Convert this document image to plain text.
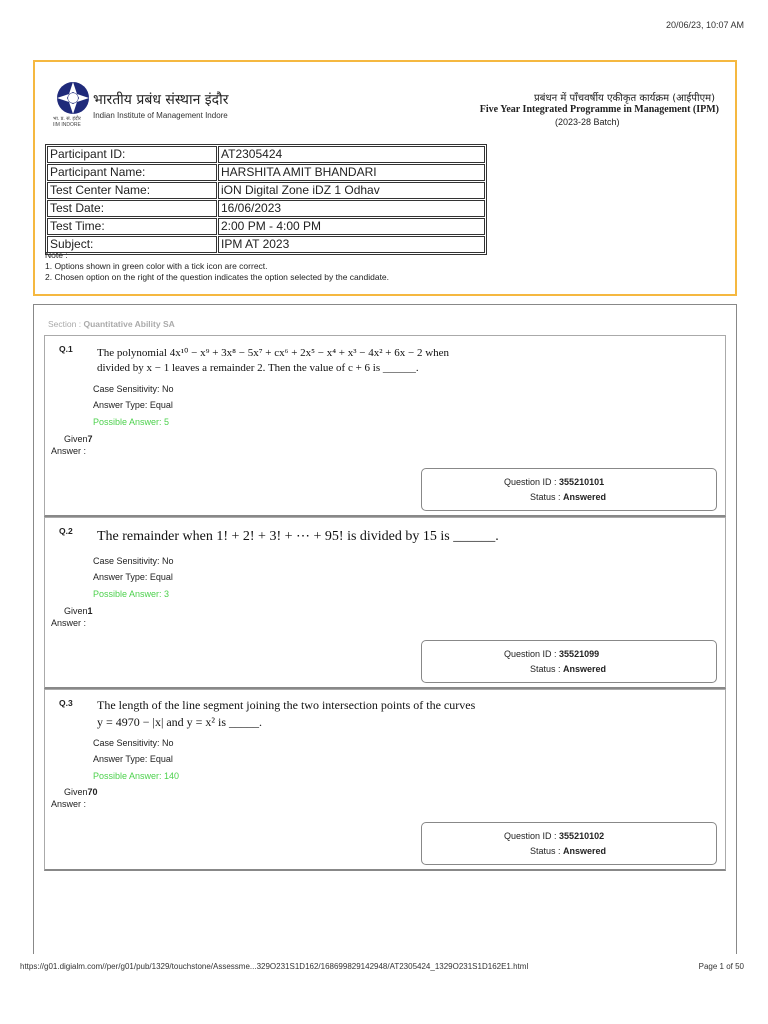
20/06/23, 10:07 AM
भा. प्र. सं. इंदौर
IIM INDORE
भारतीय प्रबंध संस्थान इंदौर
Indian Institute of Management Indore
प्रबंधन में पॉंचवर्षीय एकीकृत कार्यक्रम (आईपीएम)
Five Year Integrated Programme in Management (IPM)
(2023-28 Batch)
Participant ID:	AT2305424
Participant Name:	HARSHITA AMIT BHANDARI
Test Center Name:	iON Digital Zone iDZ 1 Odhav
Test Date:	16/06/2023
Test Time:	2:00 PM - 4:00 PM
Subject:	IPM AT 2023
Note :
1. Options shown in green color with a tick icon are correct.
2. Chosen option on the right of the question indicates the option selected by the candidate.
Section : Quantitative Ability SA
Q.1 The polynomial 4x¹⁰ − x⁹ + 3x⁸ − 5x⁷ + cx⁶ + 2x⁵ − x⁴ + x³ − 4x² + 6x − 2 when
divided by x − 1 leaves a remainder 2. Then the value of c + 6 is ______.
Case Sensitivity: No
Answer Type: Equal
Possible Answer: 5
Given7
Answer :
Question ID : 355210101
Status : Answered
Q.2 The remainder when 1! + 2! + 3! + ⋯ + 95! is divided by 15 is ______.
Case Sensitivity: No
Answer Type: Equal
Possible Answer: 3
Given1
Answer :
Question ID : 35521099
Status : Answered
Q.3 The length of the line segment joining the two intersection points of the curves
y = 4970 − |x| and y = x² is _____.
Case Sensitivity: No
Answer Type: Equal
Possible Answer: 140
Given70
Answer :
Question ID : 355210102
Status : Answered
https://g01.digialm.com//per/g01/pub/1329/touchstone/Assessme...329O231S1D162/168699829142948/AT2305424_1329O231S1D162E1.html	Page 1 of 50
